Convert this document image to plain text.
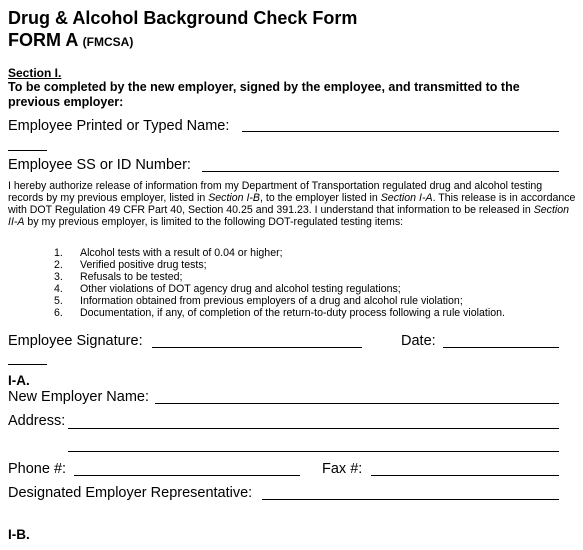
Drug & Alcohol Background Check Form
FORM A (FMCSA)
Section I.
To be completed by the new employer, signed by the employee, and transmitted to the previous employer:
Employee Printed or Typed Name:
Employee SS or ID Number:
I hereby authorize release of information from my Department of Transportation regulated drug and alcohol testing records by my previous employer, listed in Section I-B, to the employer listed in Section I-A. This release is in accordance with DOT Regulation 49 CFR Part 40, Section 40.25 and 391.23. I understand that information to be released in Section II-A by my previous employer, is limited to the following DOT-regulated testing items:
1. Alcohol tests with a result of 0.04 or higher;
2. Verified positive drug tests;
3. Refusals to be tested;
4. Other violations of DOT agency drug and alcohol testing regulations;
5. Information obtained from previous employers of a drug and alcohol rule violation;
6. Documentation, if any, of completion of the return-to-duty process following a rule violation.
Employee Signature:	Date:
I-A.
New Employer Name:
Address:
Phone #:	Fax #:
Designated Employer Representative:
I-B.
